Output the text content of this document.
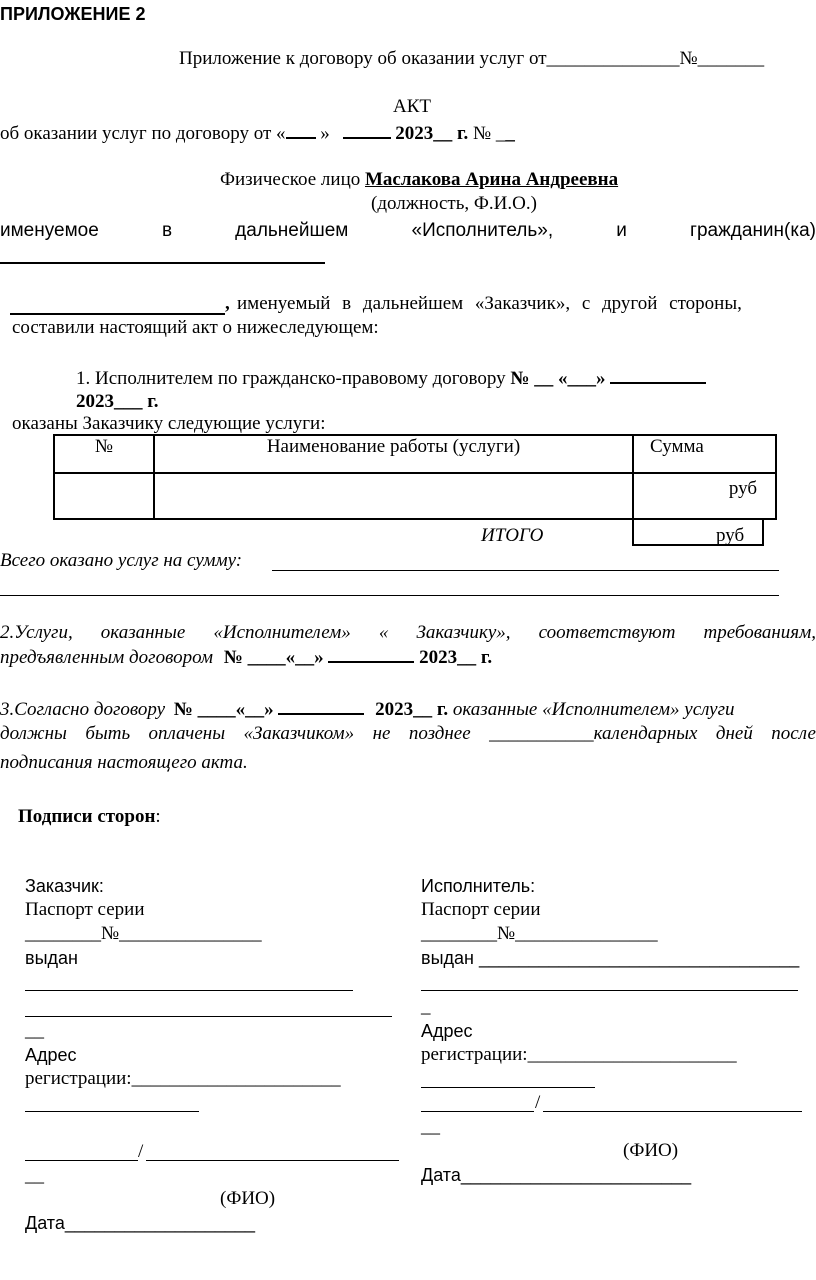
ПРИЛОЖЕНИЕ 2
Приложение к договору об оказании услуг от______________№_______
АКТ
об оказании услуг по договору от « »	2023__ г. № __
Физическое лицо Маслакова Арина Андреевна
(должность, Ф.И.О.)
именуемое	в	дальнейшем	«Исполнитель»,	и	гражданин(ка)
, именуемый в дальнейшем «Заказчик», с другой стороны,
составили настоящий акт о нижеследующем:
1. Исполнителем по гражданско-правовому договору № __ «___»
2023___ г.
оказаны Заказчику следующие услуги:
№	Наименование работы (услуги)	Сумма
		руб
ИТОГО	руб
Всего оказано услуг на сумму:
2.Услуги, оказанные «Исполнителем» « Заказчику», соответствуют требованиям,
предъявленным договором № ____«__»	2023__ г.
3.Согласно договору № ____«__»	2023__ г. оказанные «Исполнителем» услуги
должны быть оплачены «Заказчиком» не позднее ___________календарных дней после
подписания настоящего акта.
Подписи сторон:
Заказчик:
Паспорт серии
________№_______________
выдан
__
Адрес
регистрации:______________________
/
__
(ФИО)
Дата___________________
Исполнитель:
Паспорт серии
________№_______________
выдан ________________________________
_
Адрес
регистрации:______________________
/
__
(ФИО)
Дата_______________________
